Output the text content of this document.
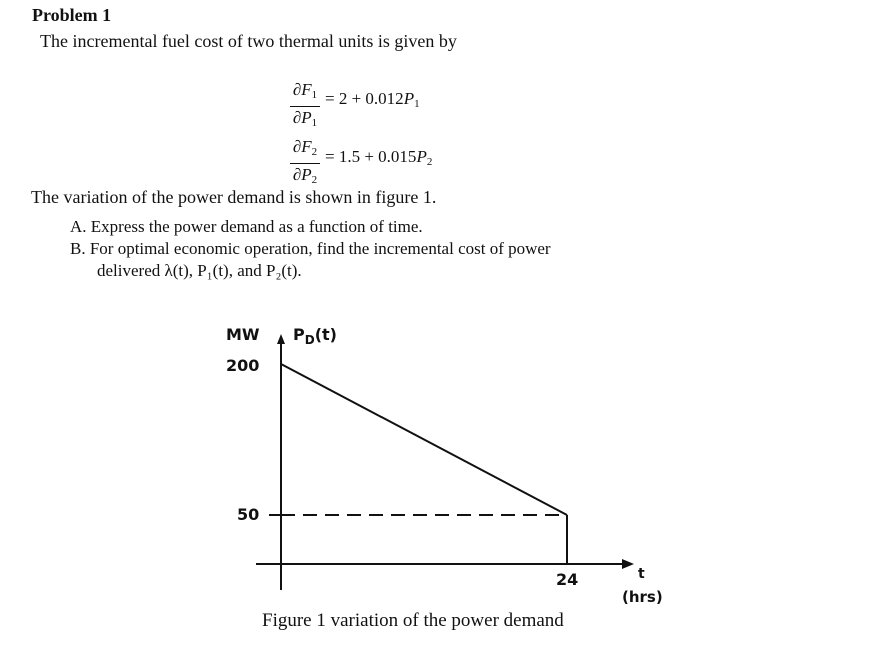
Problem 1
The incremental fuel cost of two thermal units is given by
$\partial F_1$
$\partial P_1$
= $2 + 0.012P_1$
$\partial F_2$
$\partial P_2$
= $1.5 + 0.015P_2$
The variation of the power demand is shown in figure 1.
A. Express the power demand as a function of time.
B. For optimal economic operation, find the incremental cost of power
delivered λ(t), P₁(t), and P₂(t).
MW
200
50
24
$P_D(t)$
t
(hrs)
Figure 1 variation of the power demand
